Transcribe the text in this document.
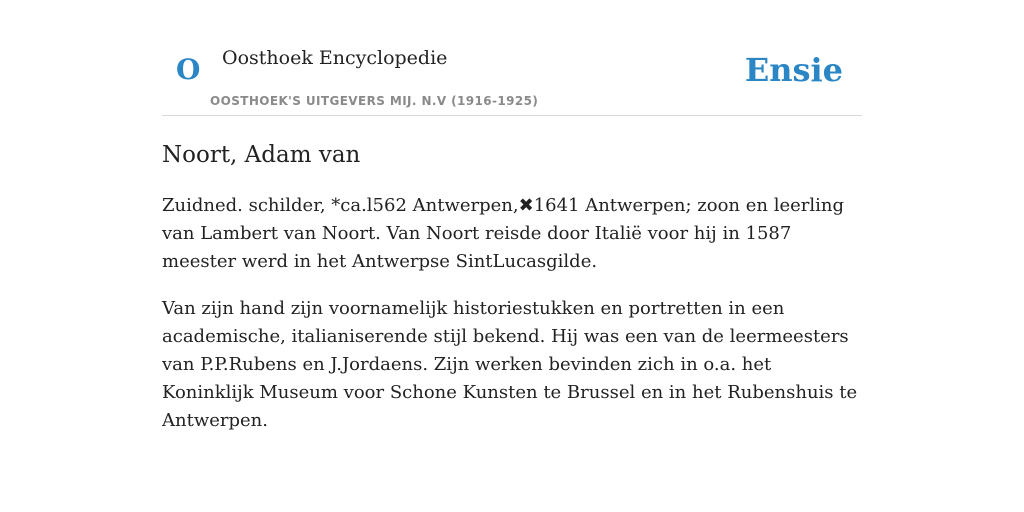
O Oosthoek Encyclopedie
OOSTHOEK'S UITGEVERS MIJ. N.V (1916-1925)
Ensie
Noort, Adam van

Zuidned. schilder, *ca.l562 Antwerpen,✖1641 Antwerpen; zoon en leerling van Lambert van Noort. Van Noort reisde door Italië voor hij in 1587 meester werd in het Antwerpse SintLucasgilde.

Van zijn hand zijn voornamelijk historiestukken en portretten in een academische, italianiserende stijl bekend. Hij was een van de leermeesters van P.P.Rubens en J.Jordaens. Zijn werken bevinden zich in o.a. het Koninklijk Museum voor Schone Kunsten te Brussel en in het Rubenshuis te Antwerpen.
